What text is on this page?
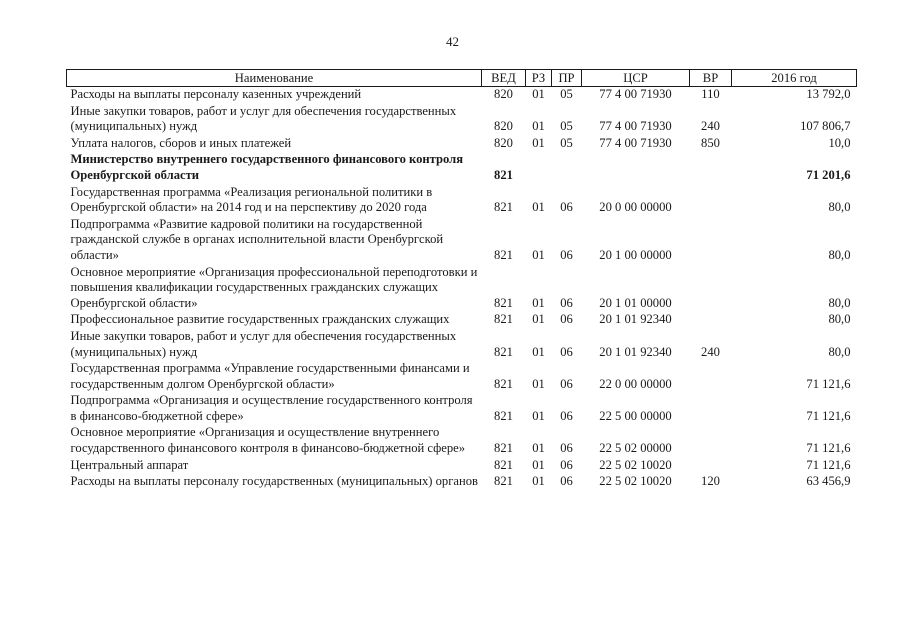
42
Наименование	ВЕД	РЗ	ПР	ЦСР	ВР	2016 год
Расходы на выплаты персоналу казенных учреждений	820	01	05	77 4 00 71930	110	13 792,0
Иные закупки товаров, работ и услуг для обеспечения государственных (муниципальных) нужд	820	01	05	77 4 00 71930	240	107 806,7
Уплата налогов, сборов и иных платежей	820	01	05	77 4 00 71930	850	10,0
Министерство внутреннего государственного финансового контроля Оренбургской области	821					71 201,6
Государственная программа «Реализация региональной политики в Оренбургской области» на 2014 год и на перспективу до 2020 года	821	01	06	20 0 00 00000		80,0
Подпрограмма «Развитие кадровой политики на государственной гражданской службе в органах исполнительной власти Оренбургской области»	821	01	06	20 1 00 00000		80,0
Основное мероприятие «Организация профессиональной переподготовки и повышения квалификации государственных гражданских служащих Оренбургской области»	821	01	06	20 1 01 00000		80,0
Профессиональное развитие государственных гражданских служащих	821	01	06	20 1 01 92340		80,0
Иные закупки товаров, работ и услуг для обеспечения государственных (муниципальных) нужд	821	01	06	20 1 01 92340	240	80,0
Государственная программа «Управление государственными финансами и государственным долгом Оренбургской области»	821	01	06	22 0 00 00000		71 121,6
Подпрограмма «Организация и осуществление государственного контроля в финансово-бюджетной сфере»	821	01	06	22 5 00 00000		71 121,6
Основное мероприятие «Организация и осуществление внутреннего государственного финансового контроля в финансово-бюджетной сфере»	821	01	06	22 5 02 00000		71 121,6
Центральный аппарат	821	01	06	22 5 02 10020		71 121,6
Расходы на выплаты персоналу государственных (муниципальных) органов	821	01	06	22 5 02 10020	120	63 456,9
